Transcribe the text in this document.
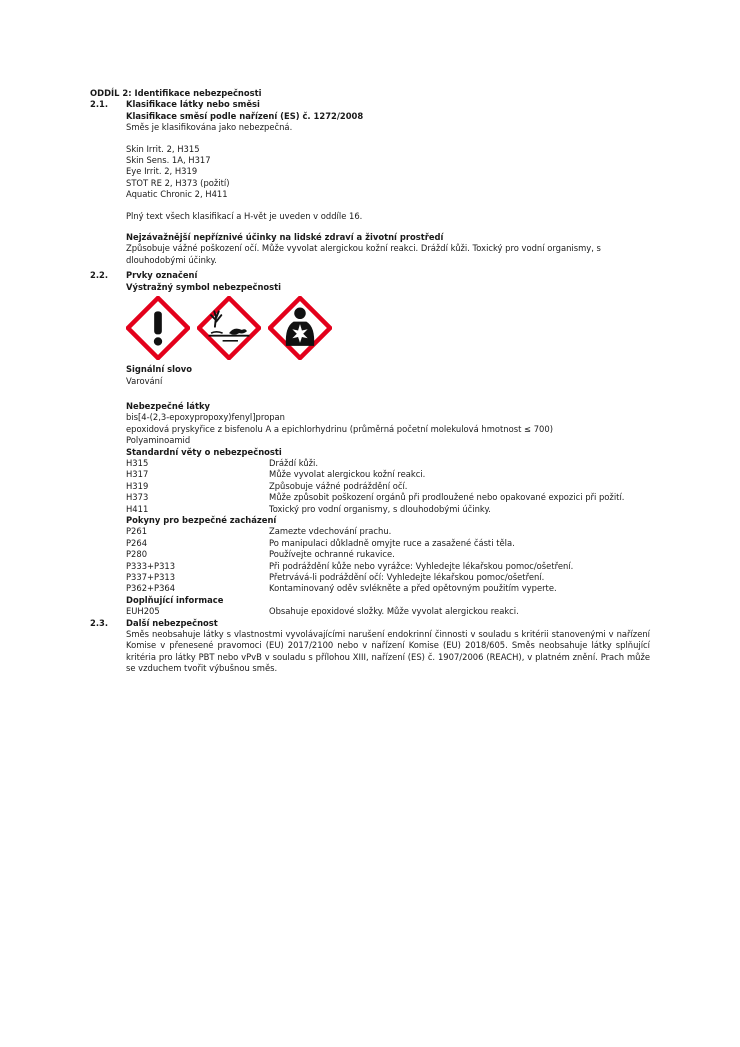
ODDÍL 2: Identifikace nebezpečnosti
2.1.	Klasifikace látky nebo směsi
Klasifikace směsí podle nařízení (ES) č. 1272/2008
Směs je klasifikována jako nebezpečná.
Skin Irrit. 2, H315
Skin Sens. 1A, H317
Eye Irrit. 2, H319
STOT RE 2, H373 (požití)
Aquatic Chronic 2, H411
Plný text všech klasifikací a H-vět je uveden v oddíle 16.
Nejzávažnější nepříznivé účinky na lidské zdraví a životní prostředí
Způsobuje vážné poškození očí. Může vyvolat alergickou kožní reakci. Dráždí kůži. Toxický pro vodní organismy, s dlouhodobými účinky.
2.2.	Prvky označení
Výstražný symbol nebezpečnosti
Signální slovo
Varování
Nebezpečné látky
bis[4-(2,3-epoxypropoxy)fenyl]propan
epoxidová pryskyřice z bisfenolu A a epichlorhydrinu (průměrná početní molekulová hmotnost ≤ 700)
Polyaminoamid
Standardní věty o nebezpečnosti
H315	Dráždí kůži.
H317	Může vyvolat alergickou kožní reakci.
H319	Způsobuje vážné podráždění očí.
H373	Může způsobit poškození orgánů při prodloužené nebo opakované expozici při požití.
H411	Toxický pro vodní organismy, s dlouhodobými účinky.
Pokyny pro bezpečné zacházení
P261	Zamezte vdechování prachu.
P264	Po manipulaci důkladně omyjte ruce a zasažené části těla.
P280	Používejte ochranné rukavice.
P333+P313	Při podráždění kůže nebo vyrážce: Vyhledejte lékařskou pomoc/ošetření.
P337+P313	Přetrvává-li podráždění očí: Vyhledejte lékařskou pomoc/ošetření.
P362+P364	Kontaminovaný oděv svlékněte a před opětovným použitím vyperte.
Doplňující informace
EUH205	Obsahuje epoxidové složky. Může vyvolat alergickou reakci.
2.3.	Další nebezpečnost
Směs neobsahuje látky s vlastnostmi vyvolávajícími narušení endokrinní činnosti v souladu s kritérii stanovenými v nařízení Komise v přenesené pravomoci (EU) 2017/2100 nebo v nařízení Komise (EU) 2018/605. Směs neobsahuje látky splňující kritéria pro látky PBT nebo vPvB v souladu s přílohou XIII, nařízení (ES) č. 1907/2006 (REACH), v platném znění. Prach může se vzduchem tvořit výbušnou směs.
